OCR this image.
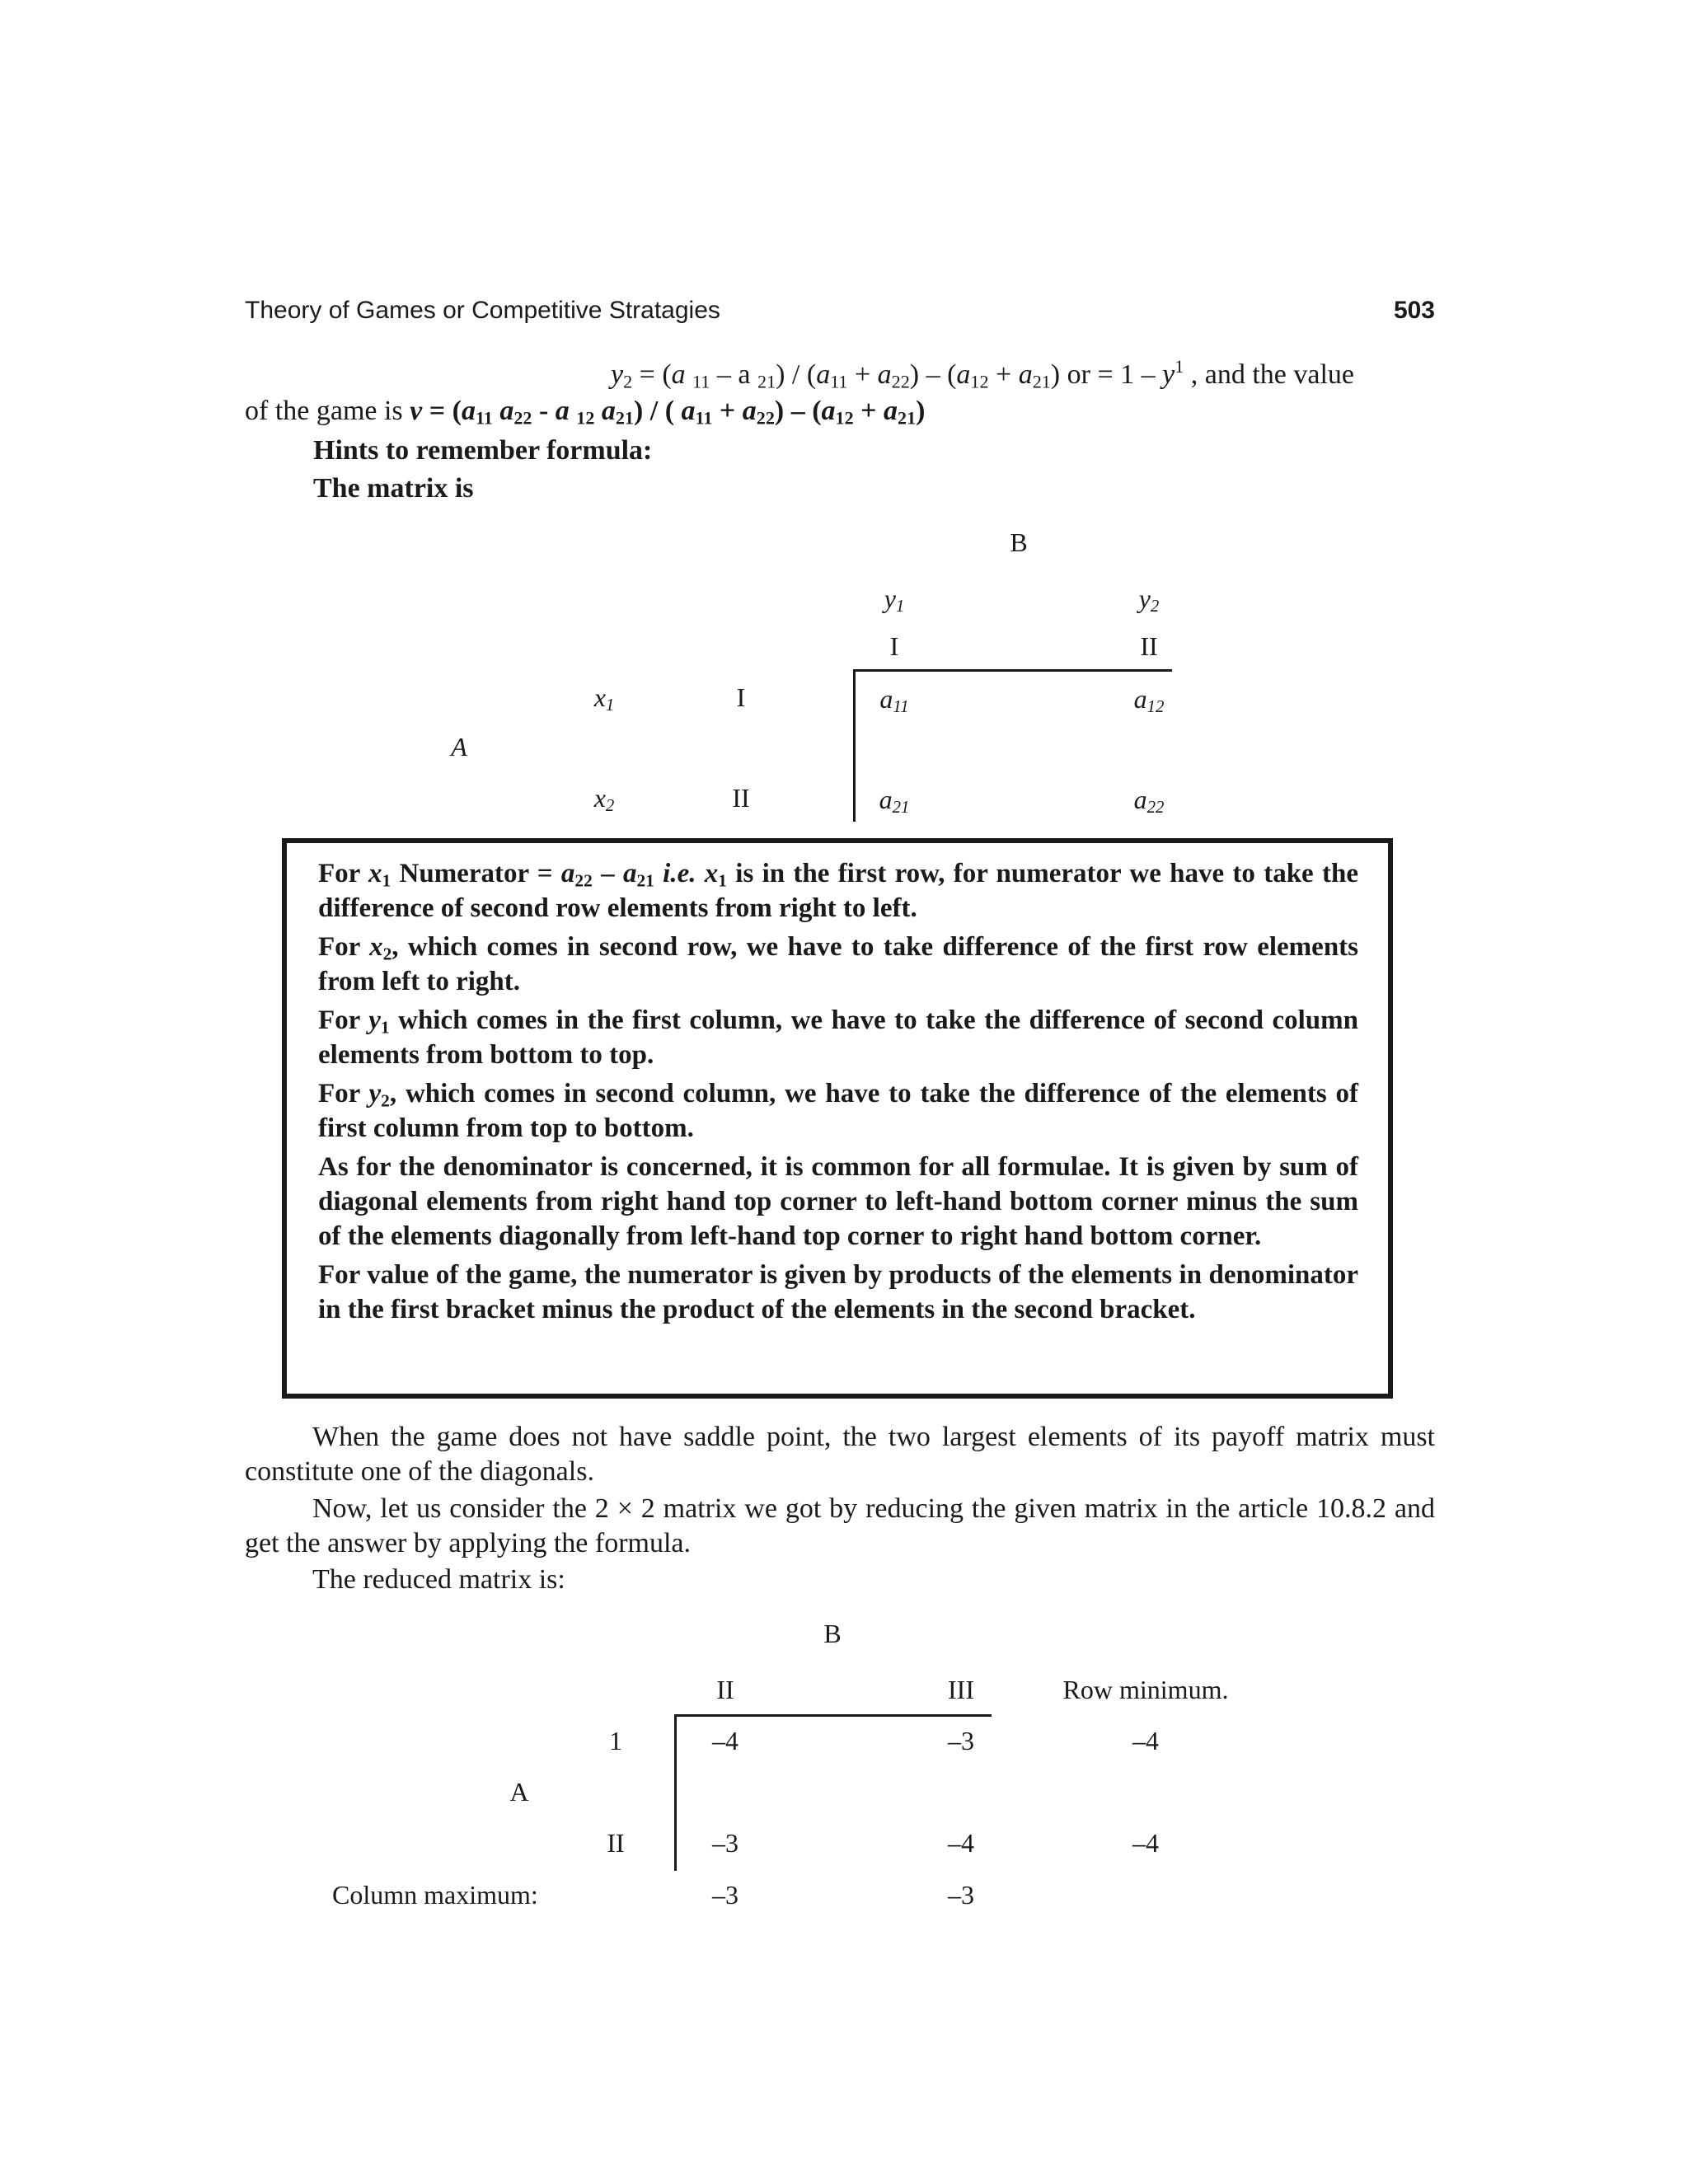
Theory of Games or Competitive Stratagies	503
$y_2 = (a$ $_{11}$ – a $_{21}) / (a_{11} + a_{22}) - (a_{12} + a_{21})$ or = $1 - y^1$ , and the value
of the game is $v = (a_{11}$ $a_{22}$ - a $_{12}$ $a_{21}$) / ( $a_{11} + a_{22}) - (a_{12} + a_{21})$
Hints to remember formula:
The matrix is
B
$y_1$	$y_2$
I	II
$x_1$	I	$a_{11}$	$a_{12}$
A
$x_2$	II	$a_{21}$	$a_{22}$

For $x_1$ Numerator = $a_{22} - a_{21}$ i.e. $x_1$ is in the first row, for numerator we have to take the difference of second row elements from right to left.

For $x_2$, which comes in second row, we have to take difference of the first row elements from left to right.

For $y_1$ which comes in the first column, we have to take the difference of second column elements from bottom to top.

For $y_2$, which comes in second column, we have to take the difference of the elements of first column from top to bottom.

As for the denominator is concerned, it is common for all formulae. It is given by sum of diagonal elements from right hand top corner to left-hand bottom corner minus the sum of the elements diagonally from left-hand top corner to right hand bottom corner.

For value of the game, the numerator is given by products of the elements in denominator in the first bracket minus the product of the elements in the second bracket.

When the game does not have saddle point, the two largest elements of its payoff matrix must constitute one of the diagonals.
Now, let us consider the 2 × 2 matrix we got by reducing the given matrix in the article 10.8.2 and get the answer by applying the formula.
The reduced matrix is:
B
II	III	Row minimum.
1	–4	–3	–4
A
II	–3	–4	–4
Column maximum:	–3	–3
